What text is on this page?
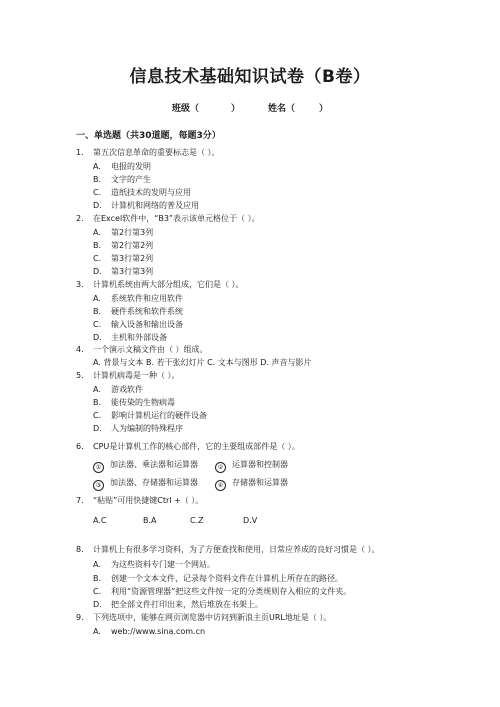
信息技术基础知识试卷（B卷）
班级（	）	姓名（	）
一、单选题（共30道题，每题3分）
1. 第五次信息革命的重要标志是（ ）。
A. 电报的发明
B. 文字的产生
C. 造纸技术的发明与应用
D. 计算机和网络的普及应用
2. 在Excel软件中，“B3”表示该单元格位于（ ）。
A. 第2行第3列
B. 第2行第2列
C. 第3行第2列
D. 第3行第3列
3. 计算机系统由两大部分组成，它们是（ ）。
A. 系统软件和应用软件
B. 硬件系统和软件系统
C. 输入设备和输出设备
D. 主机和外部设备
4. 一个演示文稿文件由（ ）组成。
A. 背景与文本 B. 若干张幻灯片 C. 文本与图形 D. 声音与影片
5. 计算机病毒是一种（ ）。
A. 游戏软件
B. 能传染的生物病毒
C. 影响计算机运行的硬件设备
D. 人为编制的特殊程序
6. CPU是计算机工作的核心部件，它的主要组成部件是（ ）。
① 加法器、乘法器和运算器	② 运算器和控制器
③ 加法器、存储器和运算器	④ 存储器和运算器
7. “粘贴”可用快捷键Ctrl +（ ）。
A.C	B.A	C.Z	D.V
8. 计算机上有很多学习资料，为了方便查找和使用，日常应养成的良好习惯是（ ）。
A. 为这些资料专门建一个网站。
B. 创建一个文本文件，记录每个资料文件在计算机上所存在的路径。
C. 利用“资源管理器”把这些文件按一定的分类规则存入相应的文件夹。
D. 把全部文件打印出来，然后堆放在书架上。
9. 下列选项中，能够在网页浏览器中访问到新浪主页URL地址是（ ）。
A. web://www.sina.com.cn
